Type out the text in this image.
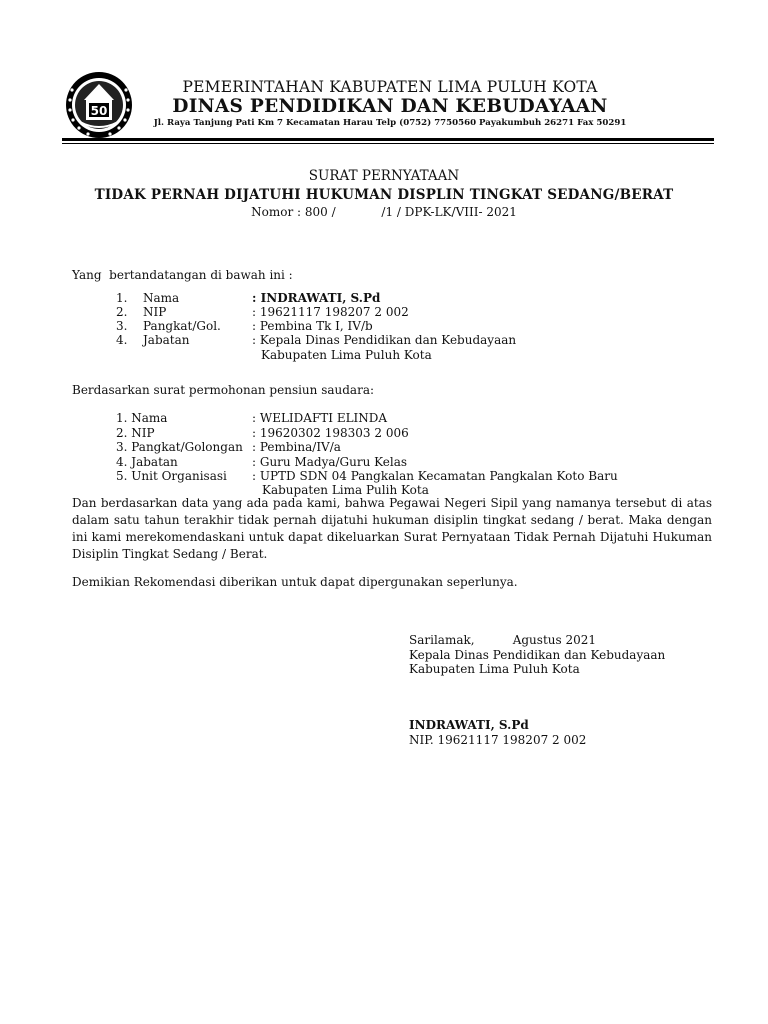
50
PEMERINTAHAN KABUPATEN LIMA PULUH KOTA
DINAS PENDIDIKAN DAN KEBUDAYAAN
Jl. Raya Tanjung Pati Km 7 Kecamatan Harau Telp (0752) 7750560 Payakumbuh 26271 Fax 50291
SURAT PERNYATAAN
TIDAK PERNAH DIJATUHI HUKUMAN DISPLIN TINGKAT SEDANG/BERAT
Nomor : 800 /            /1 / DPK-LK/VIII- 2021
Yang  bertandatangan di bawah ini :
1. Nama	: INDRAWATI, S.Pd
2. NIP	: 19621117 198207 2 002
3. Pangkat/Gol.	: Pembina Tk I, IV/b
4. Jabatan	: Kepala Dinas Pendidikan dan Kebudayaan
Kabupaten Lima Puluh Kota
Berdasarkan surat permohonan pensiun saudara:
1. Nama	: WELIDAFTI ELINDA
2. NIP	: 19620302 198303 2 006
3. Pangkat/Golongan : Pembina/IV/a
4. Jabatan	: Guru Madya/Guru Kelas
5. Unit Organisasi : UPTD SDN 04 Pangkalan Kecamatan Pangkalan Koto Baru
Kabupaten Lima Pulih Kota
Dan berdasarkan data yang ada pada kami, bahwa Pegawai Negeri Sipil yang namanya tersebut di atas dalam satu tahun terakhir tidak pernah dijatuhi hukuman disiplin tingkat sedang / berat. Maka dengan ini kami merekomendaskani untuk dapat dikeluarkan Surat Pernyataan Tidak Pernah Dijatuhi Hukuman Disiplin Tingkat Sedang / Berat.
Demikian Rekomendasi diberikan untuk dapat dipergunakan seperlunya.
Sarilamak,          Agustus 2021
Kepala Dinas Pendidikan dan Kebudayaan
Kabupaten Lima Puluh Kota
INDRAWATI, S.Pd
NIP. 19621117 198207 2 002
